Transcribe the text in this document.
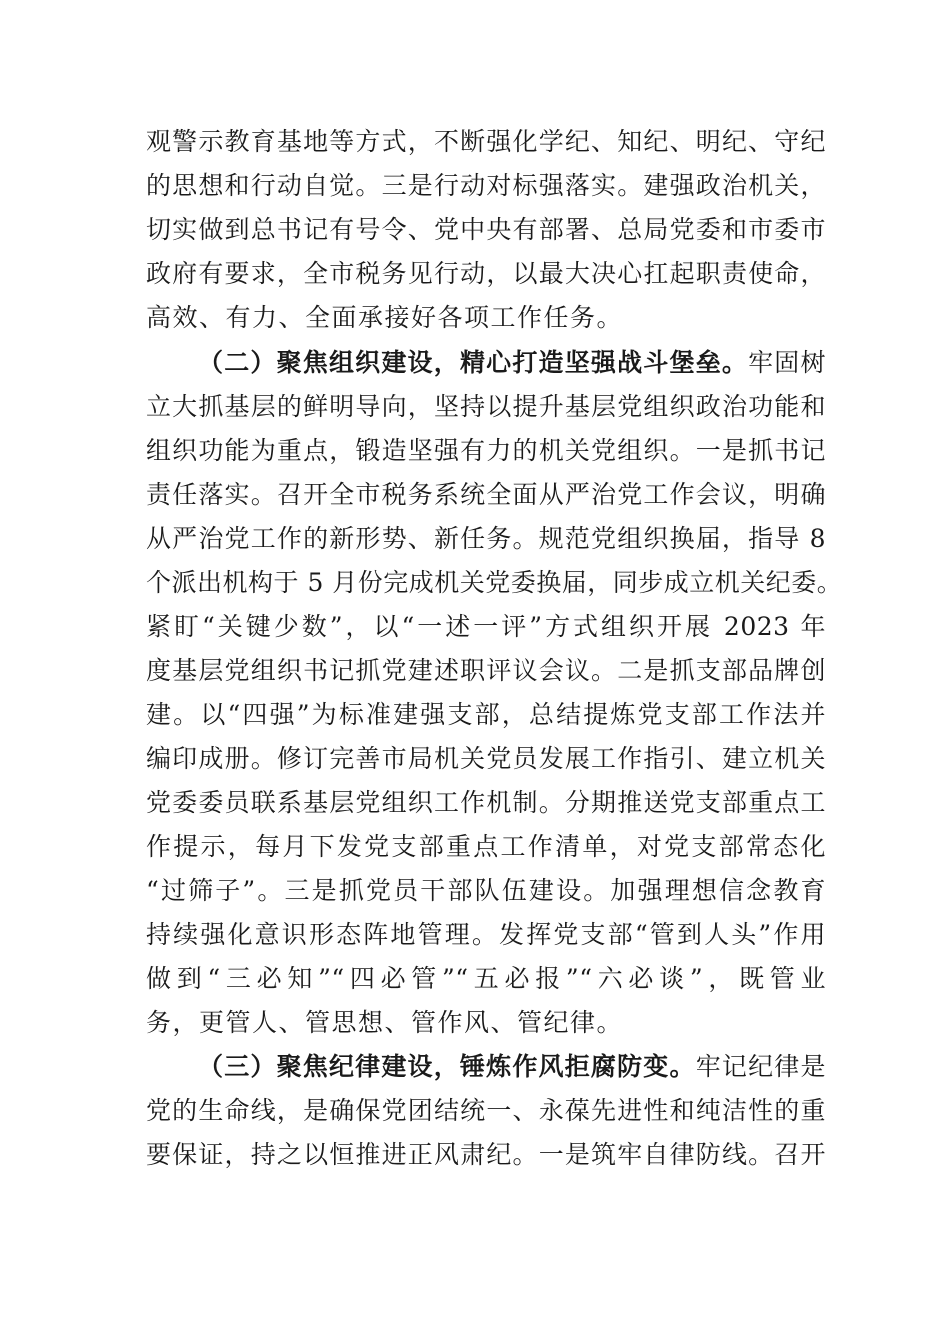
观警示教育基地等方式，不断强化学纪、知纪、明纪、守纪
的思想和行动自觉。三是行动对标强落实。建强政治机关，
切实做到总书记有号令、党中央有部署、总局党委和市委市
政府有要求，全市税务见行动，以最大决心扛起职责使命，
高效、有力、全面承接好各项工作任务。
（二）聚焦组织建设，精心打造坚强战斗堡垒。牢固树
立大抓基层的鲜明导向，坚持以提升基层党组织政治功能和
组织功能为重点，锻造坚强有力的机关党组织。一是抓书记
责任落实。召开全市税务系统全面从严治党工作会议，明确
从严治党工作的新形势、新任务。规范党组织换届，指导 8
个派出机构于 5 月份完成机关党委换届，同步成立机关纪委。
紧盯“关键少数”，以“一述一评”方式组织开展 2023 年
度基层党组织书记抓党建述职评议会议。二是抓支部品牌创
建。以“四强”为标准建强支部，总结提炼党支部工作法并
编印成册。修订完善市局机关党员发展工作指引、建立机关
党委委员联系基层党组织工作机制。分期推送党支部重点工
作提示，每月下发党支部重点工作清单，对党支部常态化
“过筛子”。三是抓党员干部队伍建设。加强理想信念教育
持续强化意识形态阵地管理。发挥党支部“管到人头”作用
做到“三必知”“四必管”“五必报”“六必谈”，既管业
务，更管人、管思想、管作风、管纪律。
（三）聚焦纪律建设，锤炼作风拒腐防变。牢记纪律是
党的生命线，是确保党团结统一、永葆先进性和纯洁性的重
要保证，持之以恒推进正风肃纪。一是筑牢自律防线。召开
